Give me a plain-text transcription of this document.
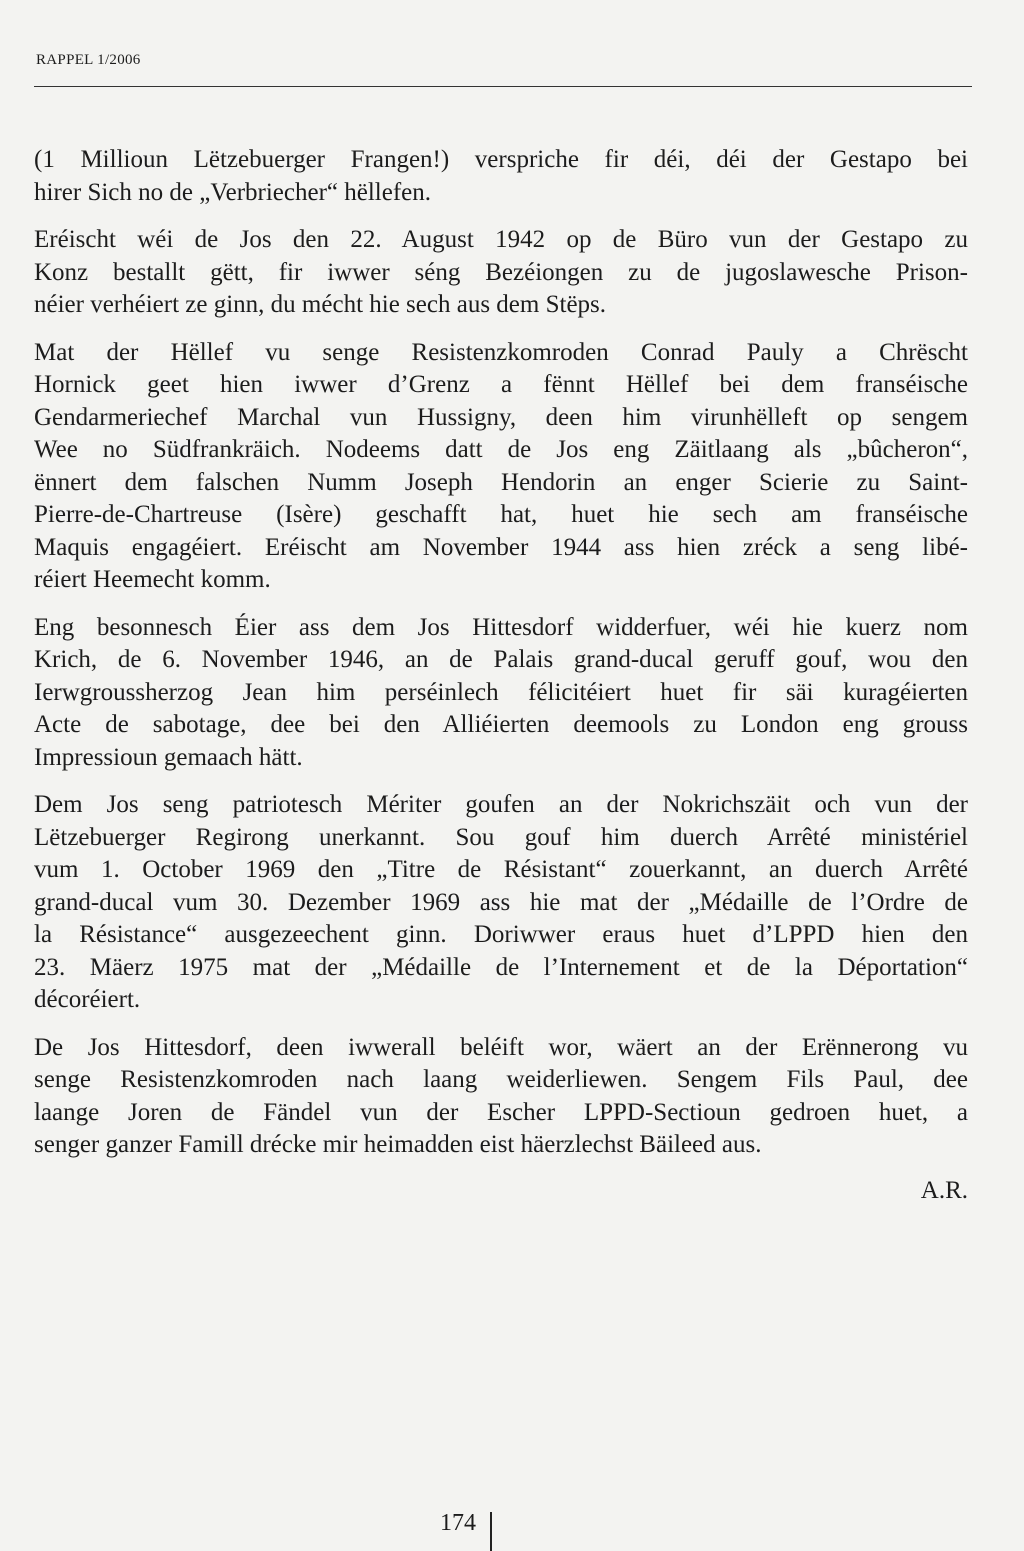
RAPPEL 1/2006
(1 Millioun Lëtzebuerger Frangen!) verspriche fir déi, déi der Gestapo bei
hirer Sich no de „Verbriecher“ hëllefen.
Eréischt wéi de Jos den 22. August 1942 op de Büro vun der Gestapo zu
Konz bestallt gëtt, fir iwwer séng Bezéiongen zu de jugoslawesche Prison-
néier verhéiert ze ginn, du mécht hie sech aus dem Stëps.
Mat der Hëllef vu senge Resistenzkomroden Conrad Pauly a Chrëscht
Hornick geet hien iwwer d’Grenz a fënnt Hëllef bei dem franséische
Gendarmeriechef Marchal vun Hussigny, deen him virunhëlleft op sengem
Wee no Südfrankräich. Nodeems datt de Jos eng Zäitlaang als „bûcheron“,
ënnert dem falschen Numm Joseph Hendorin an enger Scierie zu Saint-
Pierre-de-Chartreuse (Isère) geschafft hat, huet hie sech am franséische
Maquis engagéiert. Eréischt am November 1944 ass hien zréck a seng libé-
réiert Heemecht komm.
Eng besonnesch Éier ass dem Jos Hittesdorf widderfuer, wéi hie kuerz nom
Krich, de 6. November 1946, an de Palais grand-ducal geruff gouf, wou den
Ierwgroussherzog Jean him perséinlech félicitéiert huet fir säi kuragéierten
Acte de sabotage, dee bei den Alliéierten deemools zu London eng grouss
Impressioun gemaach hätt.
Dem Jos seng patriotesch Mériter goufen an der Nokrichszäit och vun der
Lëtzebuerger Regirong unerkannt. Sou gouf him duerch Arrêté ministériel
vum 1. October 1969 den „Titre de Résistant“ zouerkannt, an duerch Arrêté
grand-ducal vum 30. Dezember 1969 ass hie mat der „Médaille de l’Ordre de
la Résistance“ ausgezeechent ginn. Doriwwer eraus huet d’LPPD hien den
23. Mäerz 1975 mat der „Médaille de l’Internement et de la Déportation“
décoréiert.
De Jos Hittesdorf, deen iwwerall beléift wor, wäert an der Erënnerong vu
senge Resistenzkomroden nach laang weiderliewen. Sengem Fils Paul, dee
laange Joren de Fändel vun der Escher LPPD-Sectioun gedroen huet, a
senger ganzer Famill drécke mir heimadden eist häerzlechst Bäileed aus.
A.R.
174
